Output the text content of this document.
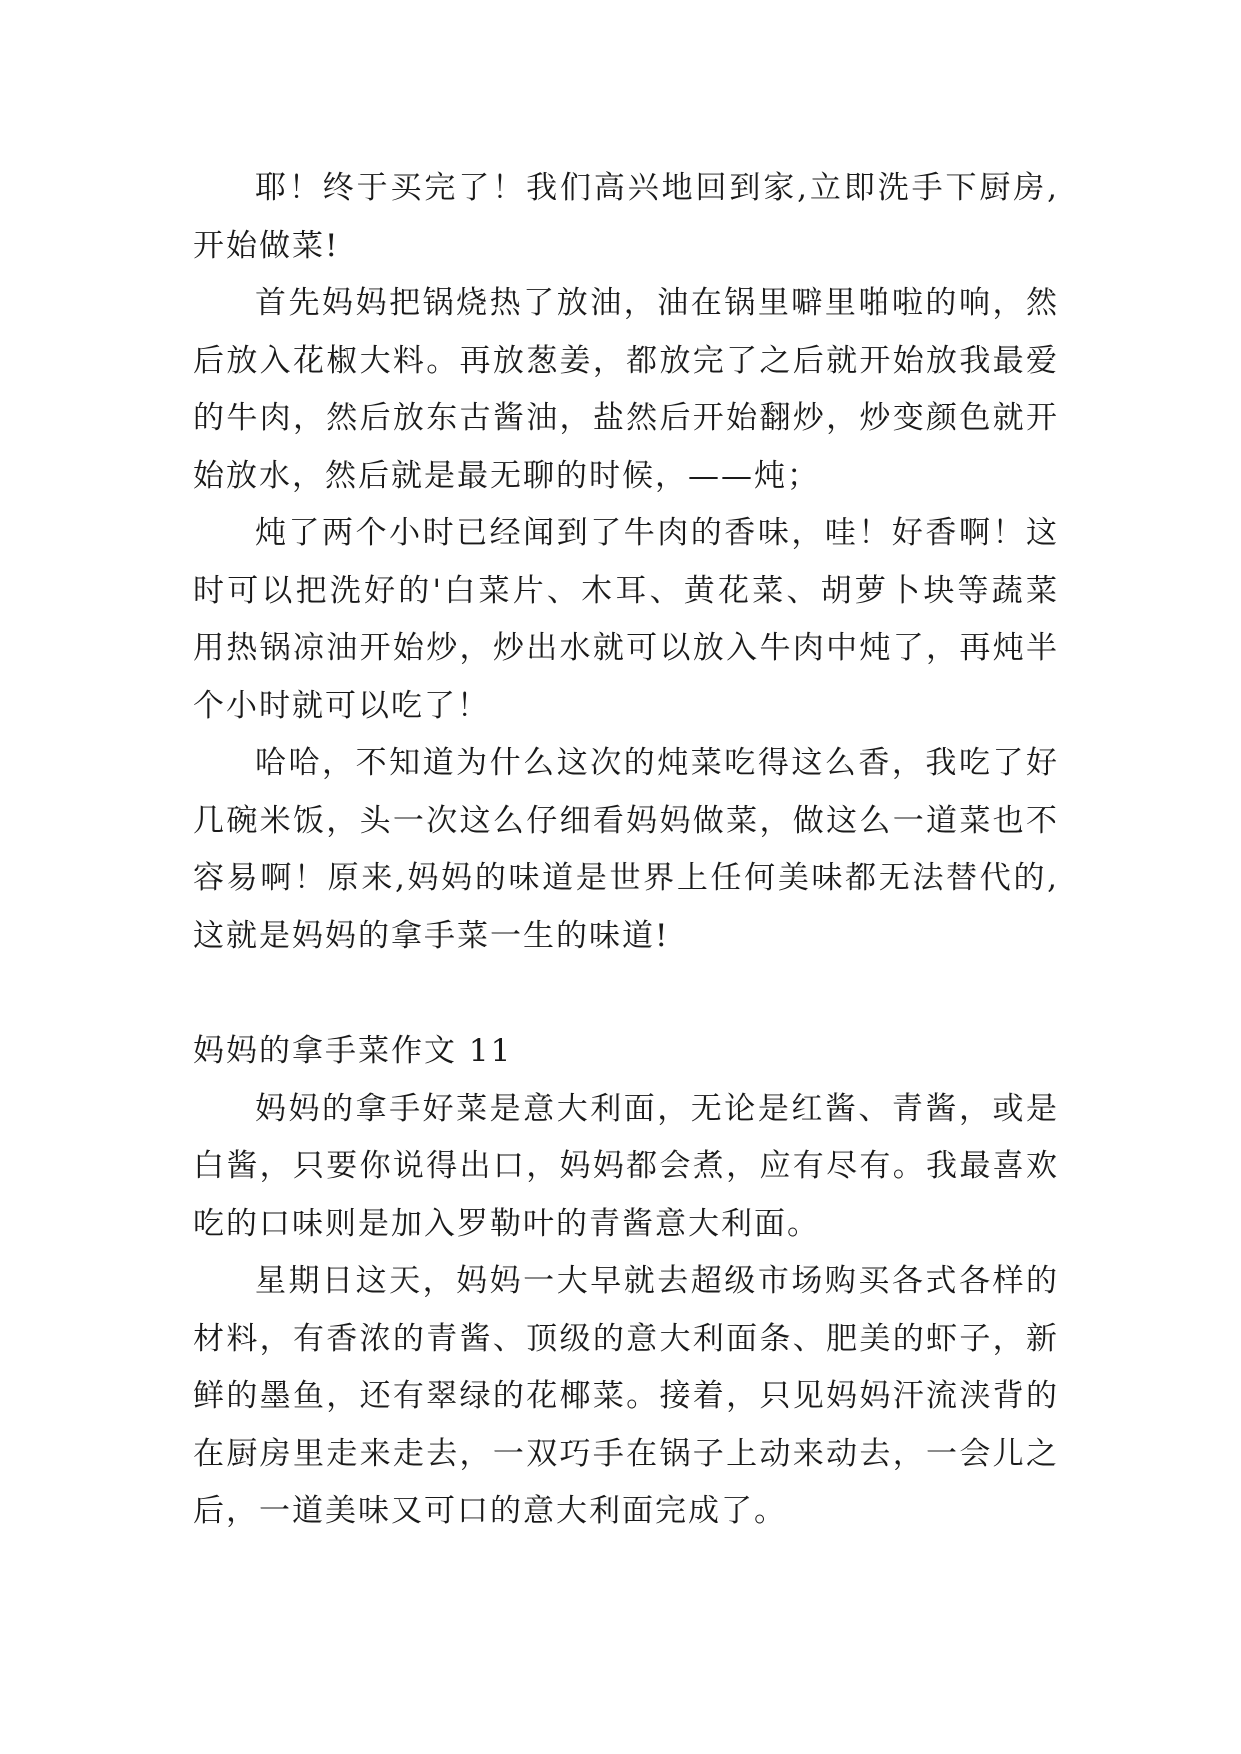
耶！终于买完了！我们高兴地回到家,立即洗手下厨房,开始做菜!

首先妈妈把锅烧热了放油，油在锅里噼里啪啦的响，然后放入花椒大料。再放葱姜，都放完了之后就开始放我最爱的牛肉，然后放东古酱油，盐然后开始翻炒，炒变颜色就开始放水，然后就是最无聊的时候，——炖；

炖了两个小时已经闻到了牛肉的香味，哇！好香啊！这时可以把洗好的'白菜片、木耳、黄花菜、胡萝卜块等蔬菜用热锅凉油开始炒，炒出水就可以放入牛肉中炖了，再炖半个小时就可以吃了！

哈哈，不知道为什么这次的炖菜吃得这么香，我吃了好几碗米饭，头一次这么仔细看妈妈做菜，做这么一道菜也不容易啊！原来,妈妈的味道是世界上任何美味都无法替代的,这就是妈妈的拿手菜一生的味道!

妈妈的拿手菜作文 11

妈妈的拿手好菜是意大利面，无论是红酱、青酱，或是白酱，只要你说得出口，妈妈都会煮，应有尽有。我最喜欢吃的口味则是加入罗勒叶的青酱意大利面。

星期日这天，妈妈一大早就去超级市场购买各式各样的材料，有香浓的青酱、顶级的意大利面条、肥美的虾子，新鲜的墨鱼，还有翠绿的花椰菜。接着，只见妈妈汗流浃背的在厨房里走来走去，一双巧手在锅子上动来动去，一会儿之后，一道美味又可口的意大利面完成了。
